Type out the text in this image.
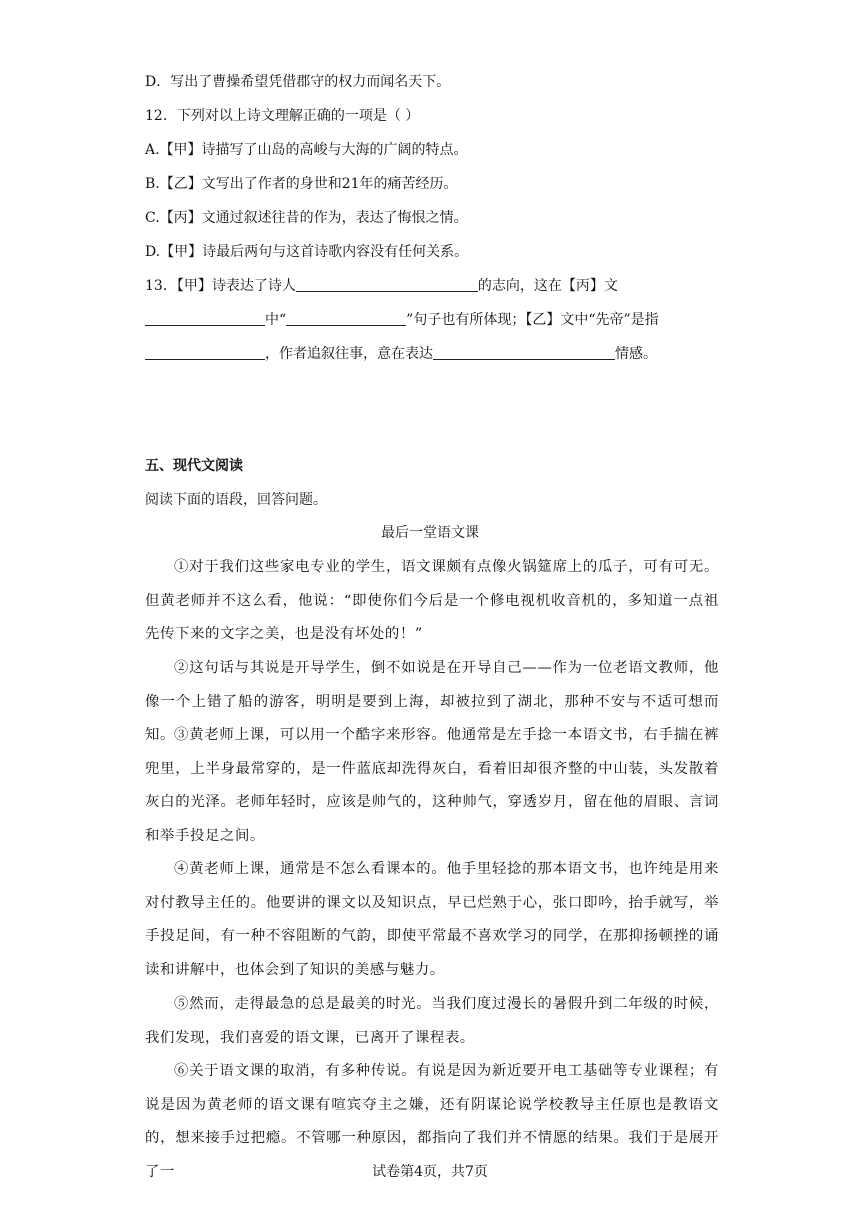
D．写出了曹操希望凭借郡守的权力而闻名天下。
12．下列对以上诗文理解正确的一项是（ ）
A.【甲】诗描写了山岛的高峻与大海的广阔的特点。
B.【乙】文写出了作者的身世和21年的痛苦经历。
C.【丙】文通过叙述往昔的作为，表达了悔恨之情。
D.【甲】诗最后两句与这首诗歌内容没有任何关系。
13．【甲】诗表达了诗人	的志向，这在【丙】文
中“	”句子也有所体现；【乙】文中“先帝”是指
，作者追叙往事，意在表达	情感。
五、现代文阅读
阅读下面的语段，回答问题。
最后一堂语文课
①对于我们这些家电专业的学生，语文课颇有点像火锅筵席上的瓜子，可有可无。但黄老师并不这么看，他说：“即使你们今后是一个修电视机收音机的，多知道一点祖先传下来的文字之美，也是没有坏处的！”
②这句话与其说是开导学生，倒不如说是在开导自己——作为一位老语文教师，他像一个上错了船的游客，明明是要到上海，却被拉到了湖北，那种不安与不适可想而知。 ③黄老师上课，可以用一个酷字来形容。他通常是左手捻一本语文书，右手揣在裤兜里，上半身最常穿的，是一件蓝底却洗得灰白，看着旧却很齐整的中山装，头发散着灰白的光泽。老师年轻时，应该是帅气的，这种帅气，穿透岁月，留在他的眉眼、言词和举手投足之间。
④黄老师上课，通常是不怎么看课本的。他手里轻捻的那本语文书，也许纯是用来对付教导主任的。他要讲的课文以及知识点，早已烂熟于心，张口即吟，抬手就写，举手投足间，有一种不容阻断的气韵，即使平常最不喜欢学习的同学，在那抑扬顿挫的诵读和讲解中，也体会到了知识的美感与魅力。
⑤然而，走得最急的总是最美的时光。当我们度过漫长的暑假升到二年级的时候，我们发现，我们喜爱的语文课，已离开了课程表。
⑥关于语文课的取消，有多种传说。有说是因为新近要开电工基础等专业课程；有说是因为黄老师的语文课有喧宾夺主之嫌，还有阴谋论说学校教导主任原也是教语文的，想来接手过把瘾。不管哪一种原因，都指向了我们并不情愿的结果。我们于是展开了一	试卷第4页，共7页
